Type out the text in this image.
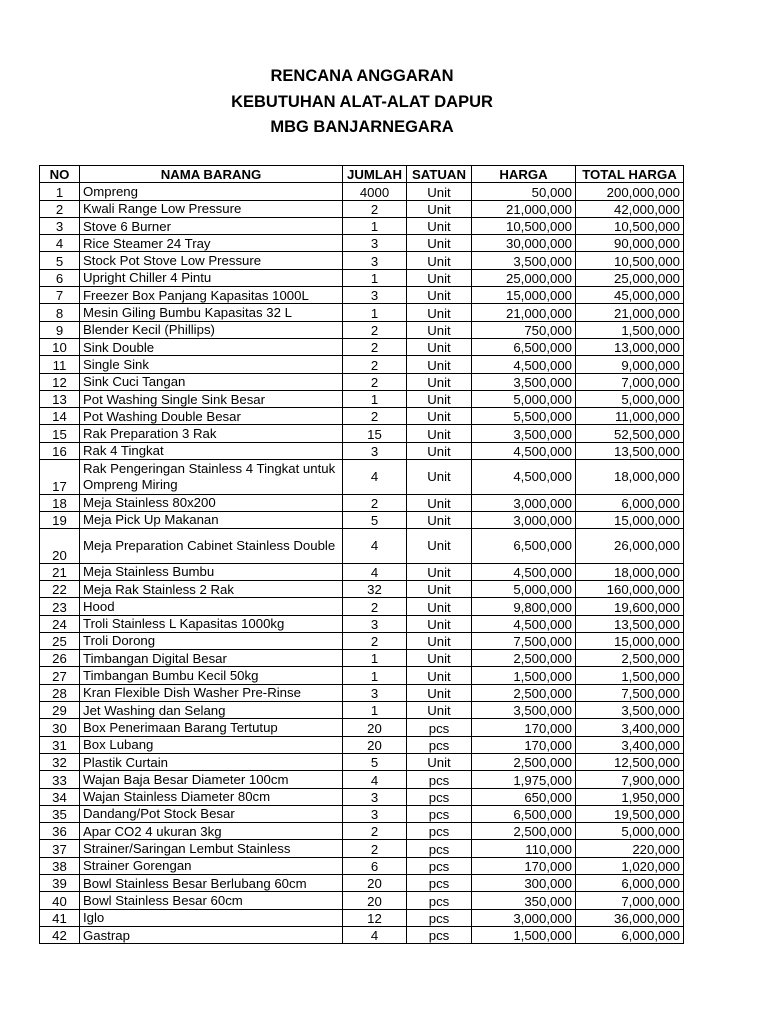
RENCANA ANGGARAN
KEBUTUHAN ALAT-ALAT DAPUR
MBG BANJARNEGARA
NO	NAMA BARANG	JUMLAH	SATUAN	HARGA	TOTAL HARGA
1	Ompreng	4000	Unit	50,000	200,000,000
2	Kwali Range Low Pressure	2	Unit	21,000,000	42,000,000
3	Stove 6 Burner	1	Unit	10,500,000	10,500,000
4	Rice Steamer 24 Tray	3	Unit	30,000,000	90,000,000
5	Stock Pot Stove Low Pressure	3	Unit	3,500,000	10,500,000
6	Upright Chiller 4 Pintu	1	Unit	25,000,000	25,000,000
7	Freezer Box Panjang Kapasitas 1000L	3	Unit	15,000,000	45,000,000
8	Mesin Giling Bumbu Kapasitas 32 L	1	Unit	21,000,000	21,000,000
9	Blender Kecil (Phillips)	2	Unit	750,000	1,500,000
10	Sink Double	2	Unit	6,500,000	13,000,000
11	Single Sink	2	Unit	4,500,000	9,000,000
12	Sink Cuci Tangan	2	Unit	3,500,000	7,000,000
13	Pot Washing Single Sink Besar	1	Unit	5,000,000	5,000,000
14	Pot Washing Double Besar	2	Unit	5,500,000	11,000,000
15	Rak Preparation 3 Rak	15	Unit	3,500,000	52,500,000
16	Rak 4 Tingkat	3	Unit	4,500,000	13,500,000
17	Rak Pengeringan Stainless 4 Tingkat untuk Ompreng Miring	4	Unit	4,500,000	18,000,000
18	Meja Stainless 80x200	2	Unit	3,000,000	6,000,000
19	Meja Pick Up Makanan	5	Unit	3,000,000	15,000,000
20	Meja Preparation Cabinet Stainless Double	4	Unit	6,500,000	26,000,000
21	Meja Stainless Bumbu	4	Unit	4,500,000	18,000,000
22	Meja Rak Stainless 2 Rak	32	Unit	5,000,000	160,000,000
23	Hood	2	Unit	9,800,000	19,600,000
24	Troli Stainless L Kapasitas 1000kg	3	Unit	4,500,000	13,500,000
25	Troli Dorong	2	Unit	7,500,000	15,000,000
26	Timbangan Digital Besar	1	Unit	2,500,000	2,500,000
27	Timbangan Bumbu Kecil 50kg	1	Unit	1,500,000	1,500,000
28	Kran Flexible Dish Washer Pre-Rinse	3	Unit	2,500,000	7,500,000
29	Jet Washing dan Selang	1	Unit	3,500,000	3,500,000
30	Box Penerimaan Barang Tertutup	20	pcs	170,000	3,400,000
31	Box Lubang	20	pcs	170,000	3,400,000
32	Plastik Curtain	5	Unit	2,500,000	12,500,000
33	Wajan Baja Besar Diameter 100cm	4	pcs	1,975,000	7,900,000
34	Wajan Stainless Diameter 80cm	3	pcs	650,000	1,950,000
35	Dandang/Pot Stock Besar	3	pcs	6,500,000	19,500,000
36	Apar CO2 4 ukuran 3kg	2	pcs	2,500,000	5,000,000
37	Strainer/Saringan Lembut Stainless	2	pcs	110,000	220,000
38	Strainer Gorengan	6	pcs	170,000	1,020,000
39	Bowl Stainless Besar Berlubang 60cm	20	pcs	300,000	6,000,000
40	Bowl Stainless Besar 60cm	20	pcs	350,000	7,000,000
41	Iglo	12	pcs	3,000,000	36,000,000
42	Gastrap	4	pcs	1,500,000	6,000,000
